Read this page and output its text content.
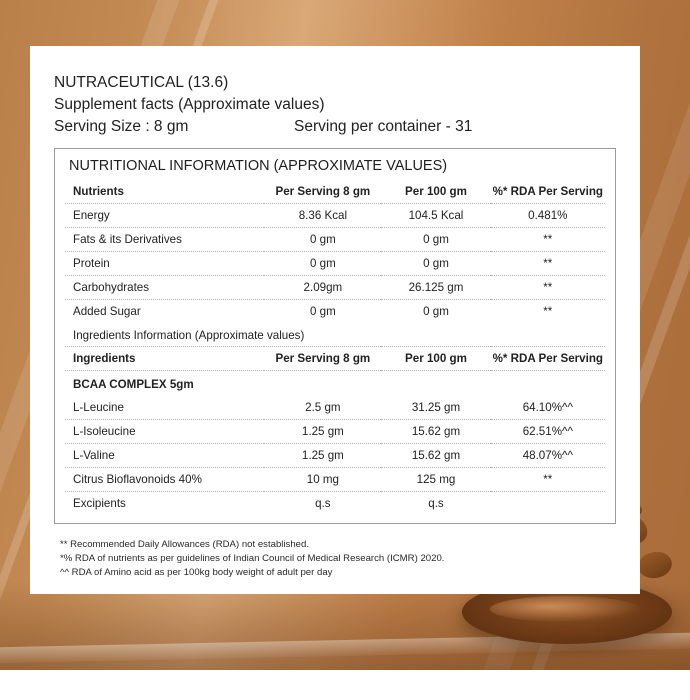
NUTRACEUTICAL (13.6)
Supplement facts (Approximate values)
Serving Size : 8 gm	Serving per container - 31
NUTRITIONAL INFORMATION (APPROXIMATE VALUES)
Nutrients	Per Serving 8 gm	Per 100 gm	%* RDA Per Serving
Energy	8.36 Kcal	104.5 Kcal	0.481%
Fats & its Derivatives	0 gm	0 gm	**
Protein	0 gm	0 gm	**
Carbohydrates	2.09gm	26.125 gm	**
Added Sugar	0 gm	0 gm	**
Ingredients Information (Approximate values)			
Ingredients	Per Serving 8 gm	Per 100 gm	%* RDA Per Serving
BCAA COMPLEX 5gm			
L-Leucine	2.5 gm	31.25 gm	64.10%^^
L-Isoleucine	1.25 gm	15.62 gm	62.51%^^
L-Valine	1.25 gm	15.62 gm	48.07%^^
Citrus Bioflavonoids 40%	10 mg	125 mg	**
Excipients	q.s	q.s	
** Recommended Daily Allowances (RDA) not established.
*% RDA of nutrients as per guidelines of Indian Council of Medical Research (ICMR) 2020.
^^ RDA of Amino acid as per 100kg body weight of adult per day
